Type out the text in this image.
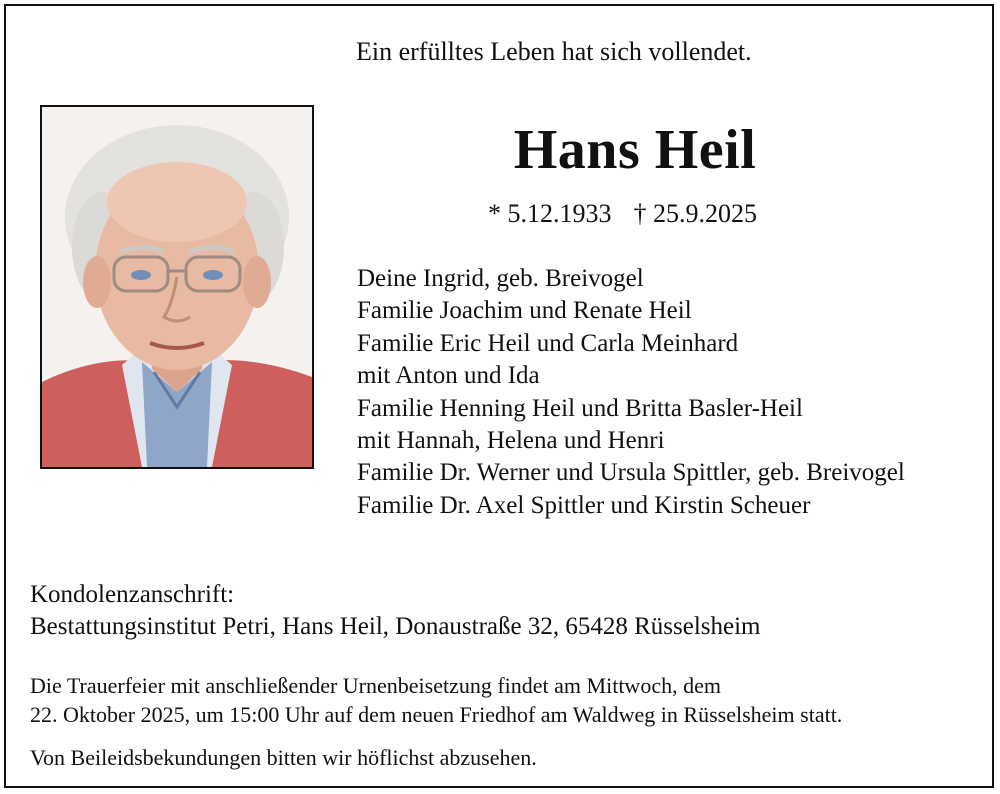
Ein erfülltes Leben hat sich vollendet.
Hans Heil
* 5.12.1933 † 25.9.2025
Deine Ingrid, geb. Breivogel
Familie Joachim und Renate Heil
Familie Eric Heil und Carla Meinhard
mit Anton und Ida
Familie Henning Heil und Britta Basler-Heil
mit Hannah, Helena und Henri
Familie Dr. Werner und Ursula Spittler, geb. Breivogel
Familie Dr. Axel Spittler und Kirstin Scheuer
Kondolenzanschrift:
Bestattungsinstitut Petri, Hans Heil, Donaustraße 32, 65428 Rüsselsheim
Die Trauerfeier mit anschließender Urnenbeisetzung findet am Mittwoch, dem
22. Oktober 2025, um 15:00 Uhr auf dem neuen Friedhof am Waldweg in Rüsselsheim statt.
Von Beileidsbekundungen bitten wir höflichst abzusehen.
